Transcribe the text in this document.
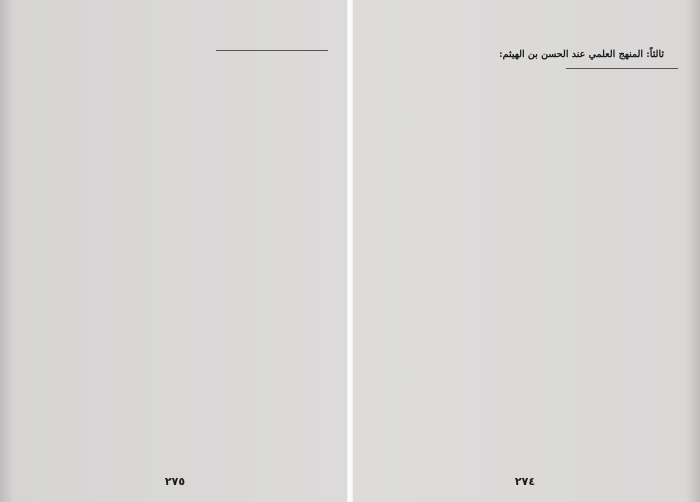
٢٧٥

ثالثاً: المنهج العلمي عند الحسن بن الهيثم:

٢٧٤
